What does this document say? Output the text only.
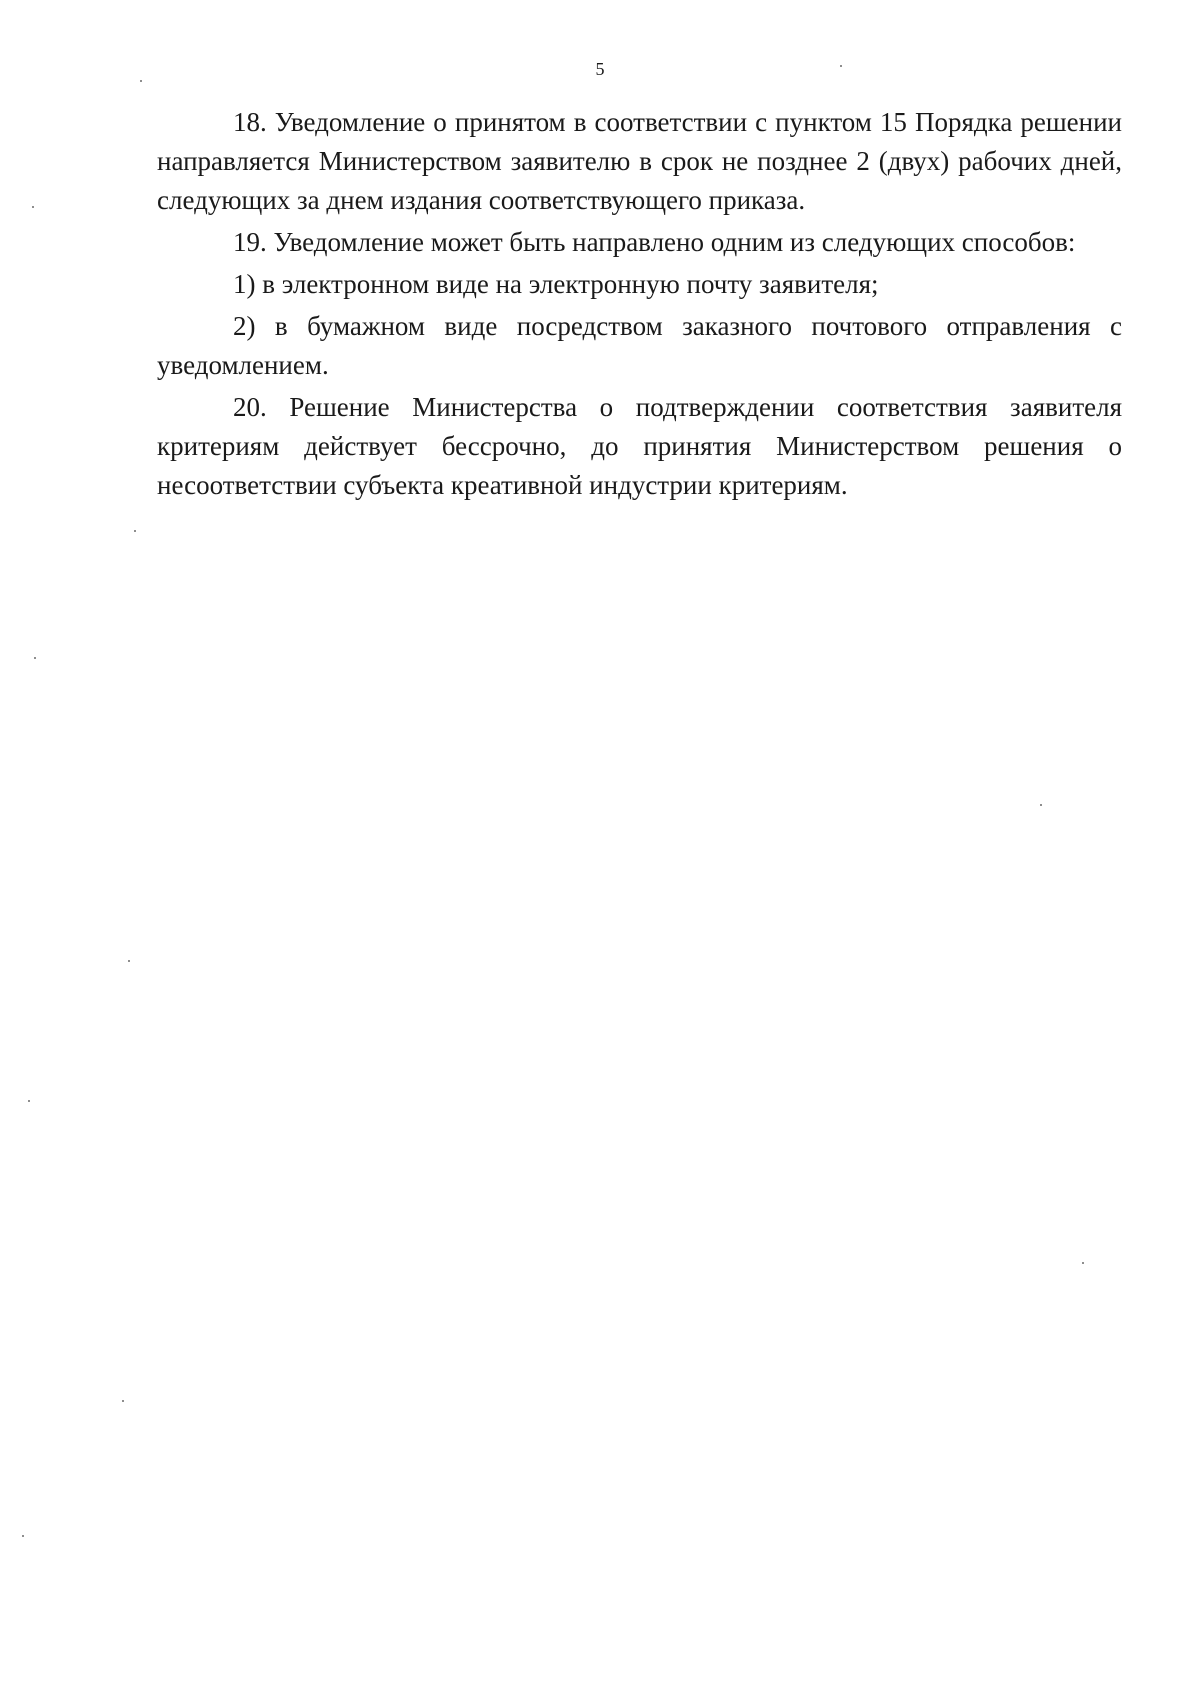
5

18. Уведомление о принятом в соответствии с пунктом 15 Порядка решении направляется Министерством заявителю в срок не позднее 2 (двух) рабочих дней, следующих за днем издания соответствующего приказа.

19. Уведомление может быть направлено одним из следующих способов:

1) в электронном виде на электронную почту заявителя;

2) в бумажном виде посредством заказного почтового отправления с уведомлением.

20. Решение Министерства о подтверждении соответствия заявителя критериям действует бессрочно, до принятия Министерством решения о несоответствии субъекта креативной индустрии критериям.
